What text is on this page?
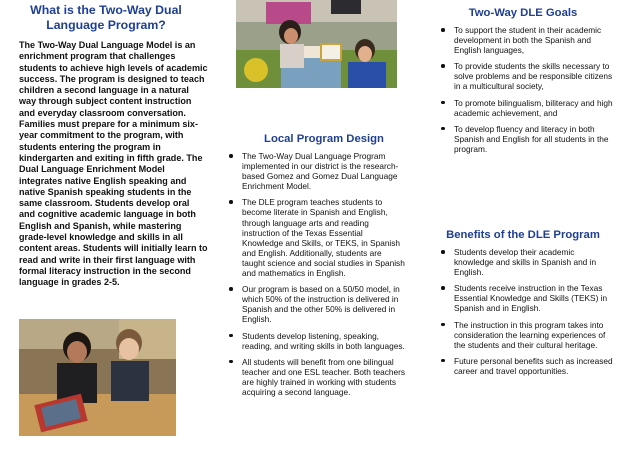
What is the Two-Way Dual Language Program?

The Two-Way Dual Language Model is an enrichment program that challenges students to achieve high levels of academic success. The program is designed to teach children a second language in a natural way through subject content instruction and everyday classroom conversation. Families must prepare for a minimum six-year commitment to the program, with students entering the program in kindergarten and exiting in fifth grade. The Dual Language Enrichment Model integrates native English speaking and native Spanish speaking students in the same classroom. Students develop oral and cognitive academic language in both English and Spanish, while mastering grade-level knowledge and skills in all content areas. Students will initially learn to read and write in their first language with formal literacy instruction in the second language in grades 2-5.

Local Program Design
The Two-Way Dual Language Program implemented in our district is the research-based Gomez and Gomez Dual Language Enrichment Model.
The DLE program teaches students to become literate in Spanish and English, through language arts and reading instruction of the Texas Essential Knowledge and Skills, or TEKS, in Spanish and English. Additionally, students are taught science and social studies in Spanish and mathematics in English.
Our program is based on a 50/50 model, in which 50% of the instruction is delivered in Spanish and the other 50% is delivered in English.
Students develop listening, speaking, reading, and writing skills in both languages.
All students will benefit from one bilingual teacher and one ESL teacher. Both teachers are highly trained in working with students acquiring a second language.
Two-Way DLE Goals
Benefits of the DLE Program
To support the student in their academic development in both the Spanish and English languages,
To provide students the skills necessary to solve problems and be responsible citizens in a multicultural society,
To promote bilingualism, biliteracy and high academic achievement, and
To develop fluency and literacy in both Spanish and English for all students in the program.
Students develop their academic knowledge and skills in Spanish and in English.
Students receive instruction in the Texas Essential Knowledge and Skills (TEKS) in Spanish and in English.
The instruction in this program takes into consideration the learning experiences of the students and their cultural heritage.
Future personal benefits such as increased career and travel opportunities.
